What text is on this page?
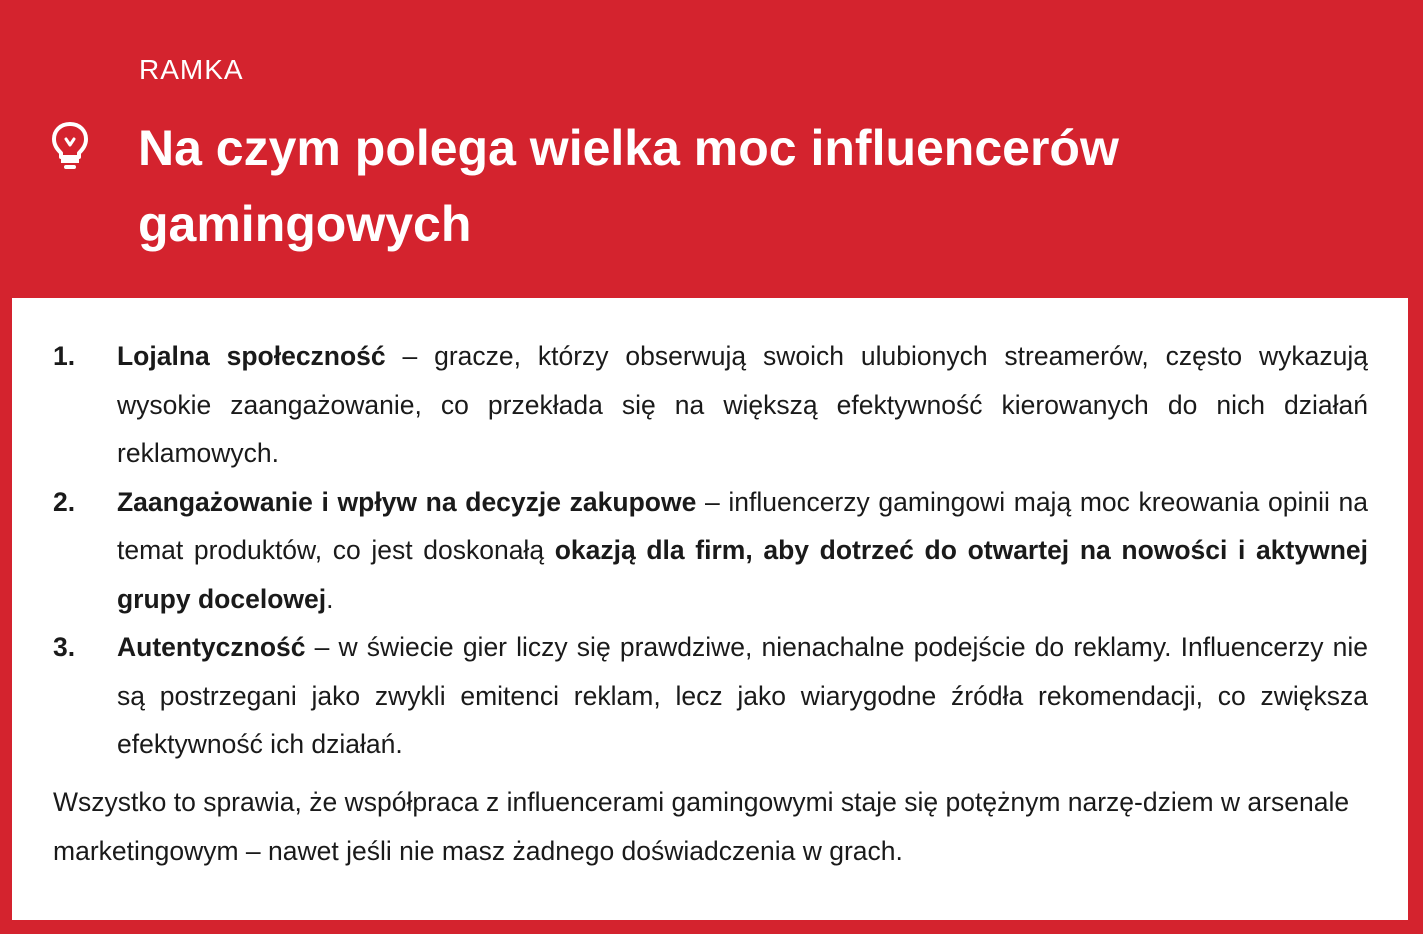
RAMKA
Na czym polega wielka moc influencerów gamingowych
1. Lojalna społeczność – gracze, którzy obserwują swoich ulubionych streamerów, często wykazują wysokie zaangażowanie, co przekłada się na większą efektywność kierowanych do nich działań reklamowych.
2. Zaangażowanie i wpływ na decyzje zakupowe – influencerzy gamingowi mają moc kreowania opinii na temat produktów, co jest doskonałą okazją dla firm, aby dotrzeć do otwartej na nowości i aktywnej grupy docelowej.
3. Autentyczność – w świecie gier liczy się prawdziwe, nienachalne podejście do reklamy. Influencerzy nie są postrzegani jako zwykli emitenci reklam, lecz jako wiarygodne źródła rekomendacji, co zwiększa efektywność ich działań.

Wszystko to sprawia, że współpraca z influencerami gamingowymi staje się potężnym narzę-dziem w arsenale marketingowym – nawet jeśli nie masz żadnego doświadczenia w grach.
